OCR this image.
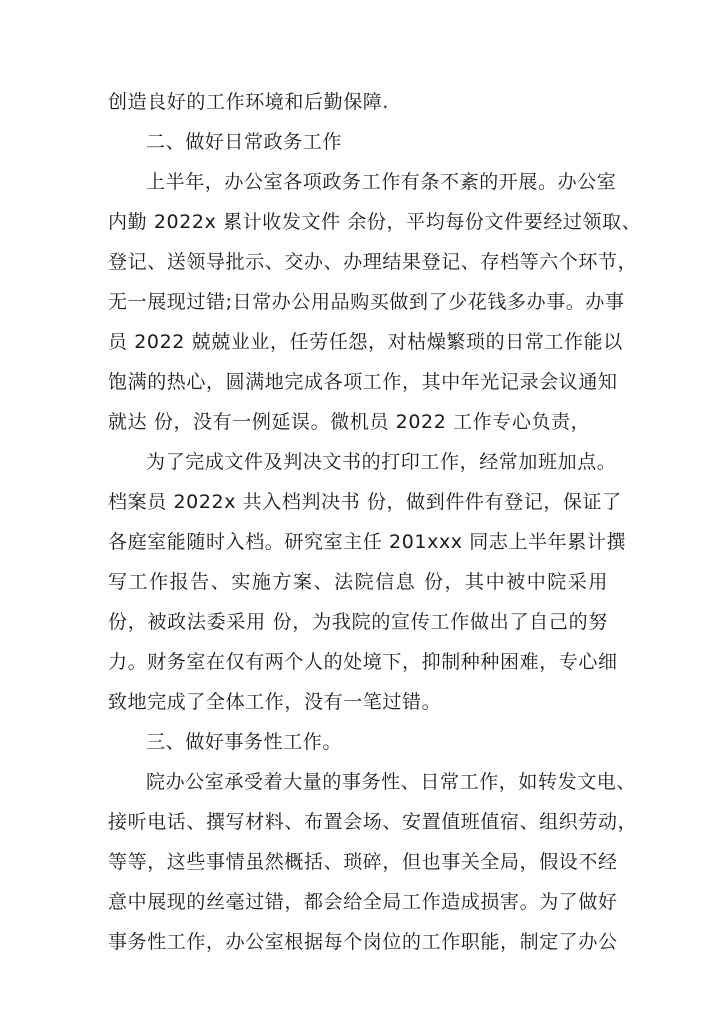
创造良好的工作环境和后勤保障.
二、做好日常政务工作
上半年，办公室各项政务工作有条不紊的开展。办公室
内勤 2022x 累计收发文件 余份，平均每份文件要经过领取、
登记、送领导批示、交办、办理结果登记、存档等六个环节，
无一展现过错;日常办公用品购买做到了少花钱多办事。办事
员 2022 兢兢业业，任劳任怨，对枯燥繁琐的日常工作能以
饱满的热心，圆满地完成各项工作，其中年光记录会议通知
就达 份，没有一例延误。微机员 2022 工作专心负责，
为了完成文件及判决文书的打印工作，经常加班加点。
档案员 2022x 共入档判决书 份，做到件件有登记，保证了
各庭室能随时入档。研究室主任 201xxx 同志上半年累计撰
写工作报告、实施方案、法院信息 份，其中被中院采用
份，被政法委采用 份，为我院的宣传工作做出了自己的努
力。财务室在仅有两个人的处境下，抑制种种困难，专心细
致地完成了全体工作，没有一笔过错。
三、做好事务性工作。
院办公室承受着大量的事务性、日常工作，如转发文电、
接听电话、撰写材料、布置会场、安置值班值宿、组织劳动，
等等，这些事情虽然概括、琐碎，但也事关全局，假设不经
意中展现的丝毫过错，都会给全局工作造成损害。为了做好
事务性工作，办公室根据每个岗位的工作职能，制定了办公
